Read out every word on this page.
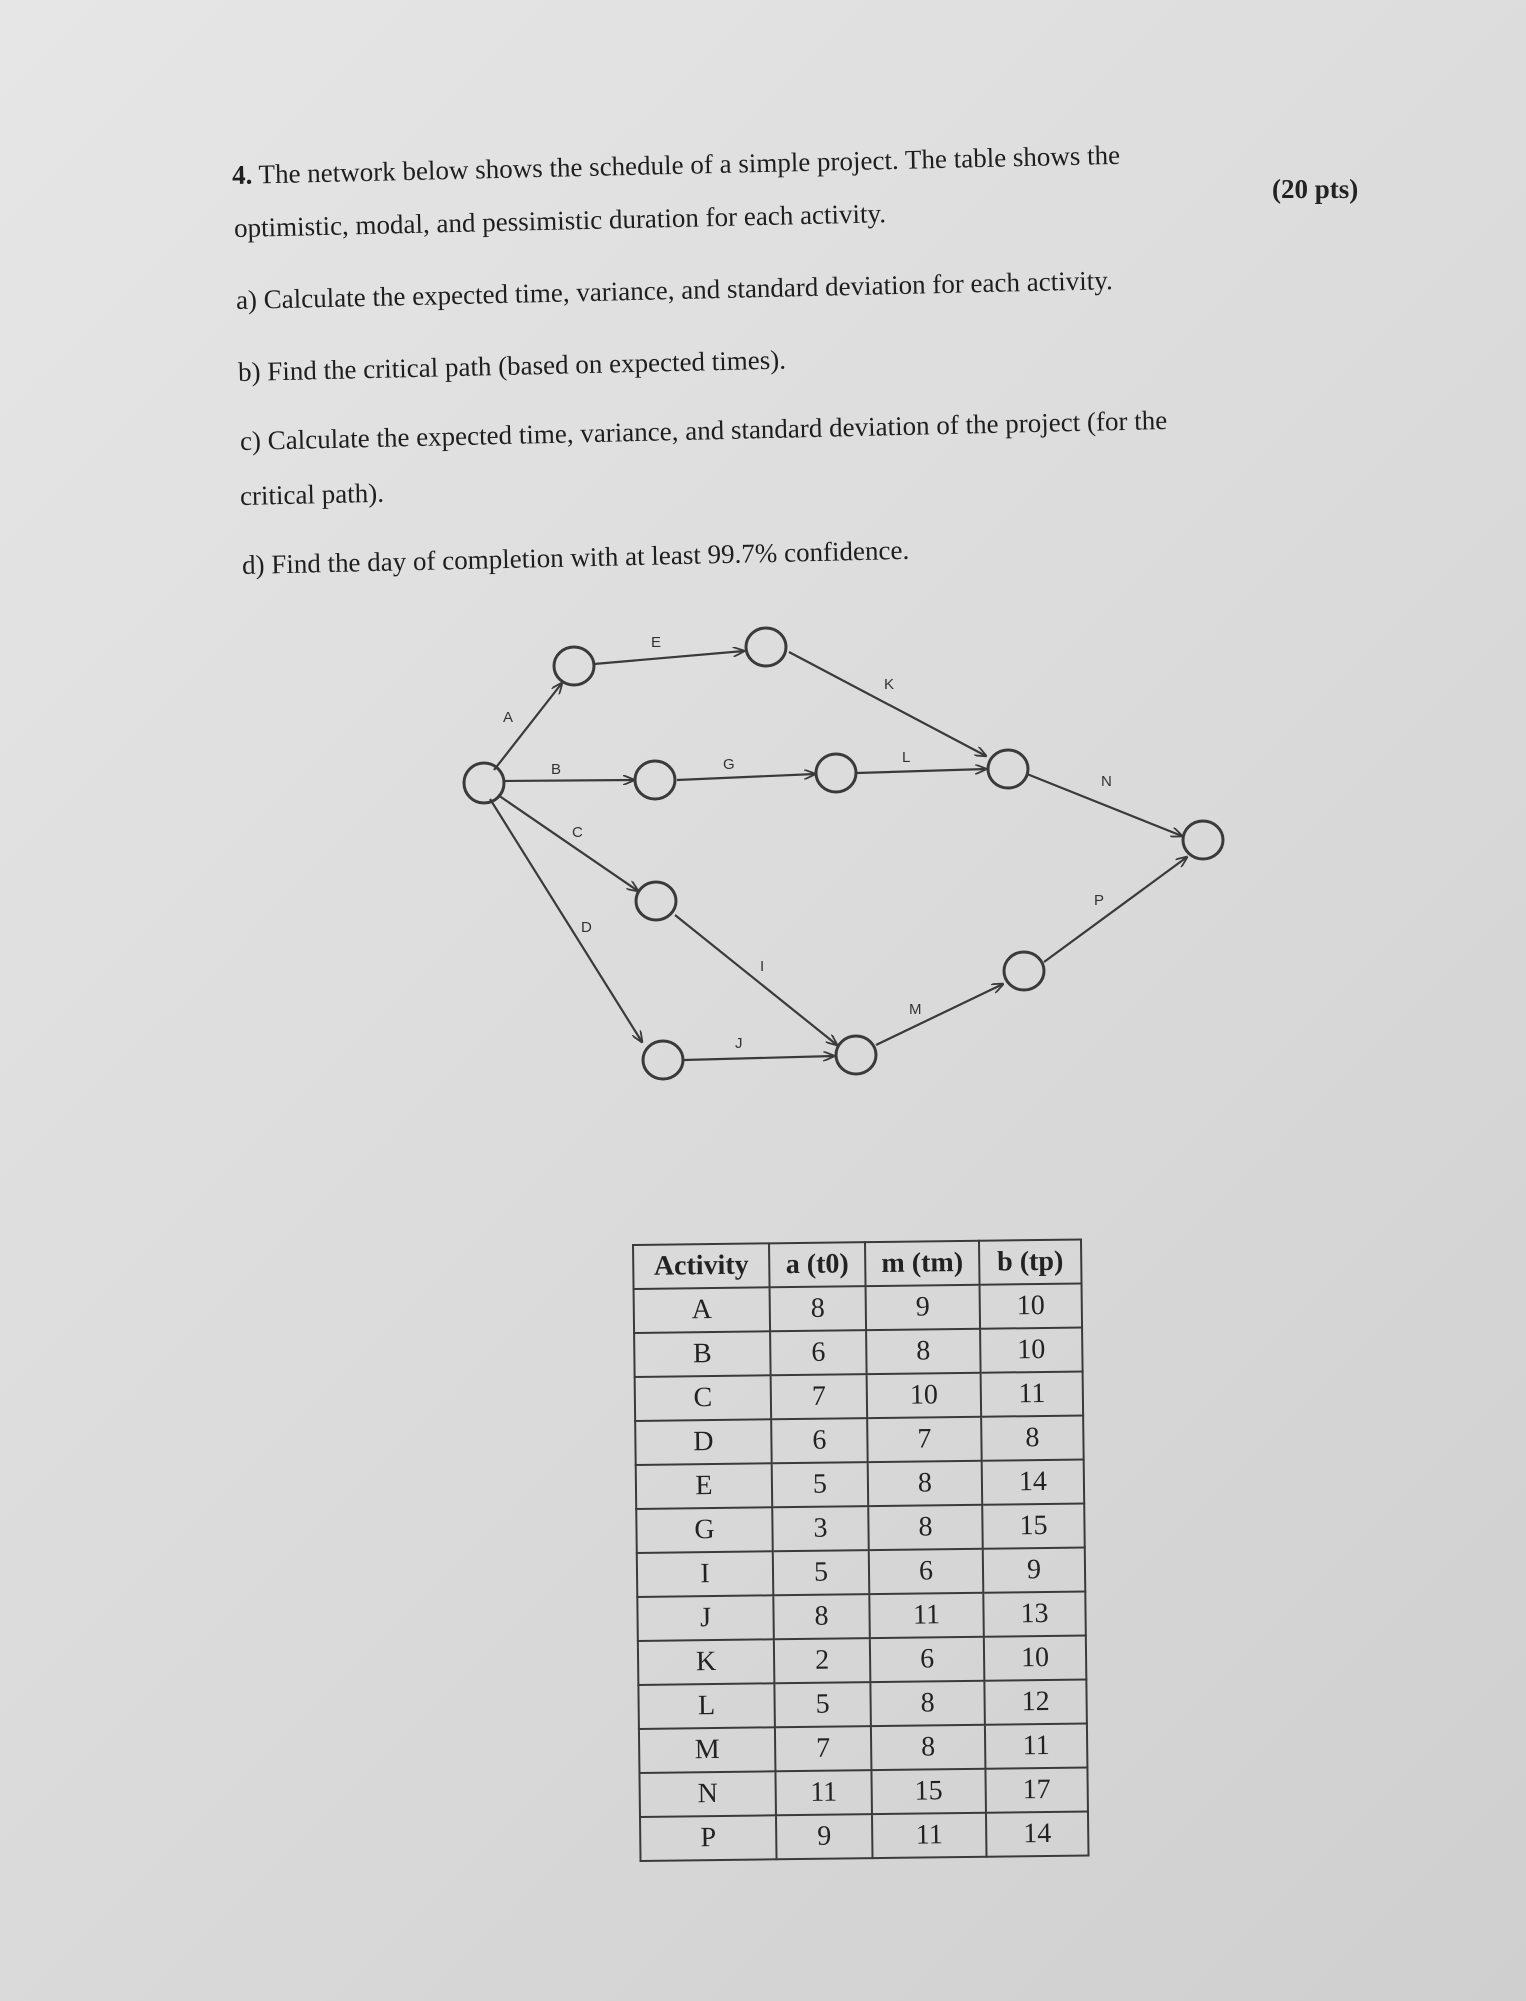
4. The network below shows the schedule of a simple project. The table shows the
optimistic, modal, and pessimistic duration for each activity.
(20 pts)
a) Calculate the expected time, variance, and standard deviation for each activity.
b) Find the critical path (based on expected times).
c) Calculate the expected time, variance, and standard deviation of the project (for the
critical path).
d) Find the day of completion with at least 99.7% confidence.
A
E
K
B	G	L
N
C
D
I
J
M
P
Activity	a (t0)	m (tm)	b (tp)
A	8	9	10
B	6	8	10
C	7	10	11
D	6	7	8
E	5	8	14
G	3	8	15
I	5	6	9
J	8	11	13
K	2	6	10
L	5	8	12
M	7	8	11
N	11	15	17
P	9	11	14
